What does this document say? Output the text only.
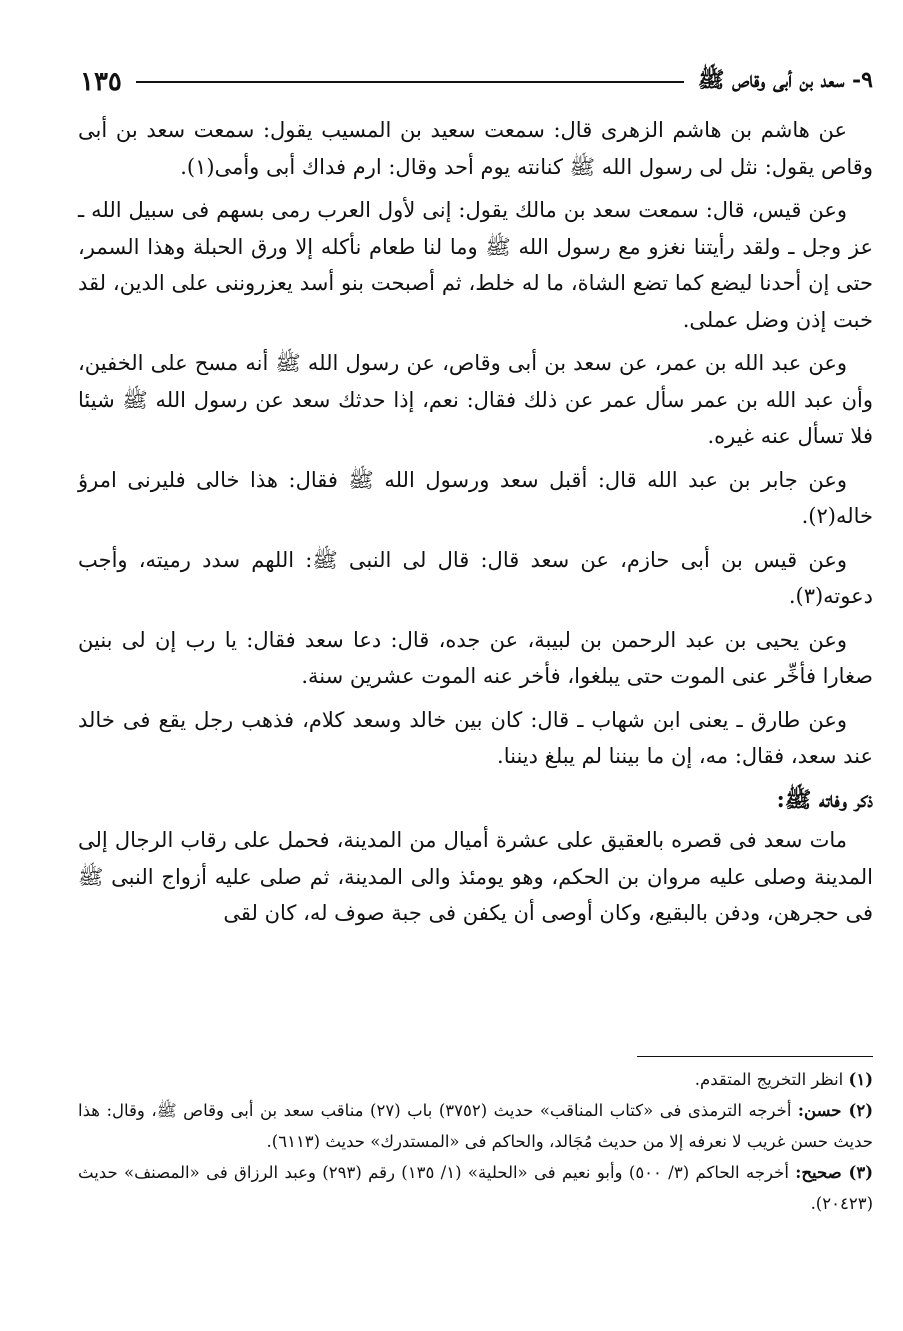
٩- سعد بن أبى وقاص ﷺ
١٣٥

عن هاشم بن هاشم الزهرى قال: سمعت سعيد بن المسيب يقول: سمعت سعد بن أبى وقاص يقول: نثل لى رسول الله ﷺ كنانته يوم أحد وقال: ارم فداك أبى وأمى(١).

وعن قيس، قال: سمعت سعد بن مالك يقول: إنى لأول العرب رمى بسهم فى سبيل الله ـ عز وجل ـ ولقد رأيتنا نغزو مع رسول الله ﷺ وما لنا طعام نأكله إلا ورق الحبلة وهذا السمر، حتى إن أحدنا ليضع كما تضع الشاة، ما له خلط، ثم أصبحت بنو أسد يعزروننى على الدين، لقد خبت إذن وضل عملى.

وعن عبد الله بن عمر، عن سعد بن أبى وقاص، عن رسول الله ﷺ أنه مسح على الخفين، وأن عبد الله بن عمر سأل عمر عن ذلك فقال: نعم، إذا حدثك سعد عن رسول الله ﷺ شيئا فلا تسأل عنه غيره.

وعن جابر بن عبد الله قال: أقبل سعد ورسول الله ﷺ فقال: هذا خالى فليرنى امرؤ خاله(٢).

وعن قيس بن أبى حازم، عن سعد قال: قال لى النبى ﷺ: اللهم سدد رميته، وأجب دعوته(٣).

وعن يحيى بن عبد الرحمن بن لبيبة، عن جده، قال: دعا سعد فقال: يا رب إن لى بنين صغارا فأخِّر عنى الموت حتى يبلغوا، فأخر عنه الموت عشرين سنة.

وعن طارق ـ يعنى ابن شهاب ـ قال: كان بين خالد وسعد كلام، فذهب رجل يقع فى خالد عند سعد، فقال: مه، إن ما بيننا لم يبلغ ديننا.

ذكر وفاته ﷺ:

مات سعد فى قصره بالعقيق على عشرة أميال من المدينة، فحمل على رقاب الرجال إلى المدينة وصلى عليه مروان بن الحكم، وهو يومئذ والى المدينة، ثم صلى عليه أزواج النبى ﷺ فى حجرهن، ودفن بالبقيع، وكان أوصى أن يكفن فى جبة صوف له، كان لقى

(١) انظر التخريج المتقدم.

(٢) حسن: أخرجه الترمذى فى «كتاب المناقب» حديث (٣٧٥٢) باب (٢٧) مناقب سعد بن أبى وقاص ﷺ، وقال: هذا حديث حسن غريب لا نعرفه إلا من حديث مُجَالد، والحاكم فى «المستدرك» حديث (٦١١٣).

(٣) صحيح: أخرجه الحاكم (٣/ ٥٠٠) وأبو نعيم فى «الحلية» (١/ ١٣٥) رقم (٢٩٣) وعبد الرزاق فى «المصنف» حديث (٢٠٤٢٣).
